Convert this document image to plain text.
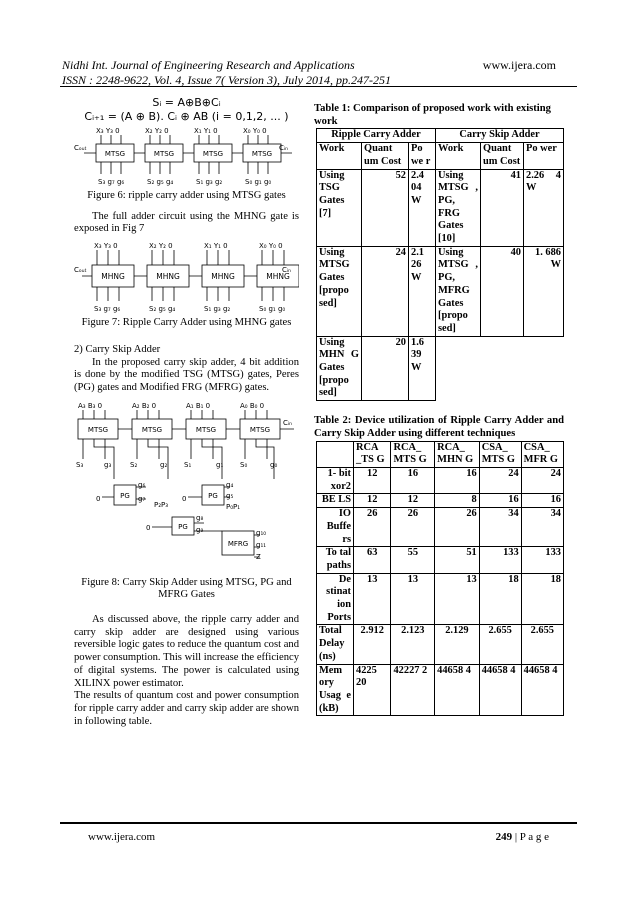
Nidhi Int. Journal of Engineering Research and Applications	www.ijera.com
ISSN : 2248-9622, Vol. 4, Issue 7( Version 3), July 2014, pp.247-251
Sᵢ = A⊕B⊕Cᵢ
Cᵢ₊₁ = (A ⊕ B). Cᵢ ⊕ AB (i = 0,1,2, ... )
X₃ Y₃ 0	X₂ Y₂ 0	X₁ Y₁ 0	X₀ Y₀ 0
Cₒᵤₜ	Cᵢₙ
S₃ g₇ g₆	S₂ g₅ g₄	S₁ g₃ g₂	S₀ g₁ g₀
MTSG	MTSG	MTSG	MTSG
Figure 6: ripple carry adder using MTSG gates

The full adder circuit using the MHNG gate is exposed in Fig 7

X₃ Y₃ 0	X₂ Y₂ 0	X₁ Y₁ 0	X₀ Y₀ 0
Cₒᵤₜ	Cᵢₙ
S₃ g₇ g₆	S₂ g₅ g₄	S₁ g₃ g₂	S₀ g₁ g₀
MHNG	MHNG	MHNG	MHNG
Figure 7: Ripple Carry Adder using MHNG gates
2) Carry Skip Adder

In the proposed carry skip adder, 4 bit addition is done by the modified TSG (MTSG) gates, Peres (PG) gates and Modified FRG (MFRG) gates.

A₃ B₃ 0	A₂ B₂ 0	A₁ B₁ 0	A₀ B₀ 0
Cᵢₙ
S₃	g₃	S₂	g₂ S₁	g₁ S₀	g₀
g₆
g₇
P₂P₃
g₄
g₅
P₀P₁
g₈
g₉	g₁₀
g₁₁
Z
0	0
0
MTSG	MTSG	MTSG	MTSG
PG	PG
PG
MFRG
Figure 8: Carry Skip Adder using MTSG, PG and MFRG Gates

As discussed above, the ripple carry adder and carry skip adder are designed using various reversible logic gates to reduce the quantum cost and power consumption. This will increase the efficiency of digital systems. The power is calculated using XILINX power estimator.

The results of quantum cost and power consumption for ripple carry adder and carry skip adder are shown in following table.

Table 1: Comparison of proposed work with existing work
Ripple Carry Adder			Carry Skip Adder		
Work	Quant um Cost	Po we r	Work	Quant um Cost	Po wer
Using TSG Gates [7]	52	2.4 04 W	Using MTSG , PG, FRG Gates [10]	41	2.26 4 W
Using MTSG Gates [propo sed]	24	2.1 26 W	Using MTSG , PG, MFRG Gates [propo sed]	40	1. 686 W
Using MHN G Gates [propo sed]	20	1.6 39 W			
Table 2: Device utilization of Ripple Carry Adder and Carry Skip Adder using different techniques
	RCA _TS G	RCA_ MTS G	RCA_ MHN G	CSA_ MTS G	CSA_ MFR G
1- bit xor2	12	16	16	24	24
BE LS	12	12	8	16	16
IO Buffe rs	26	26	26	34	34
To tal paths	63	55	51	133	133
De stinat ion Ports	13	13	13	18	18
Total Delay (ns)	2.912	2.123	2.129	2.655	2.655
Mem ory Usag e (kB)	4225 20	42227 2	44658 4	44658 4	44658 4
www.ijera.com	249 | P a g e
